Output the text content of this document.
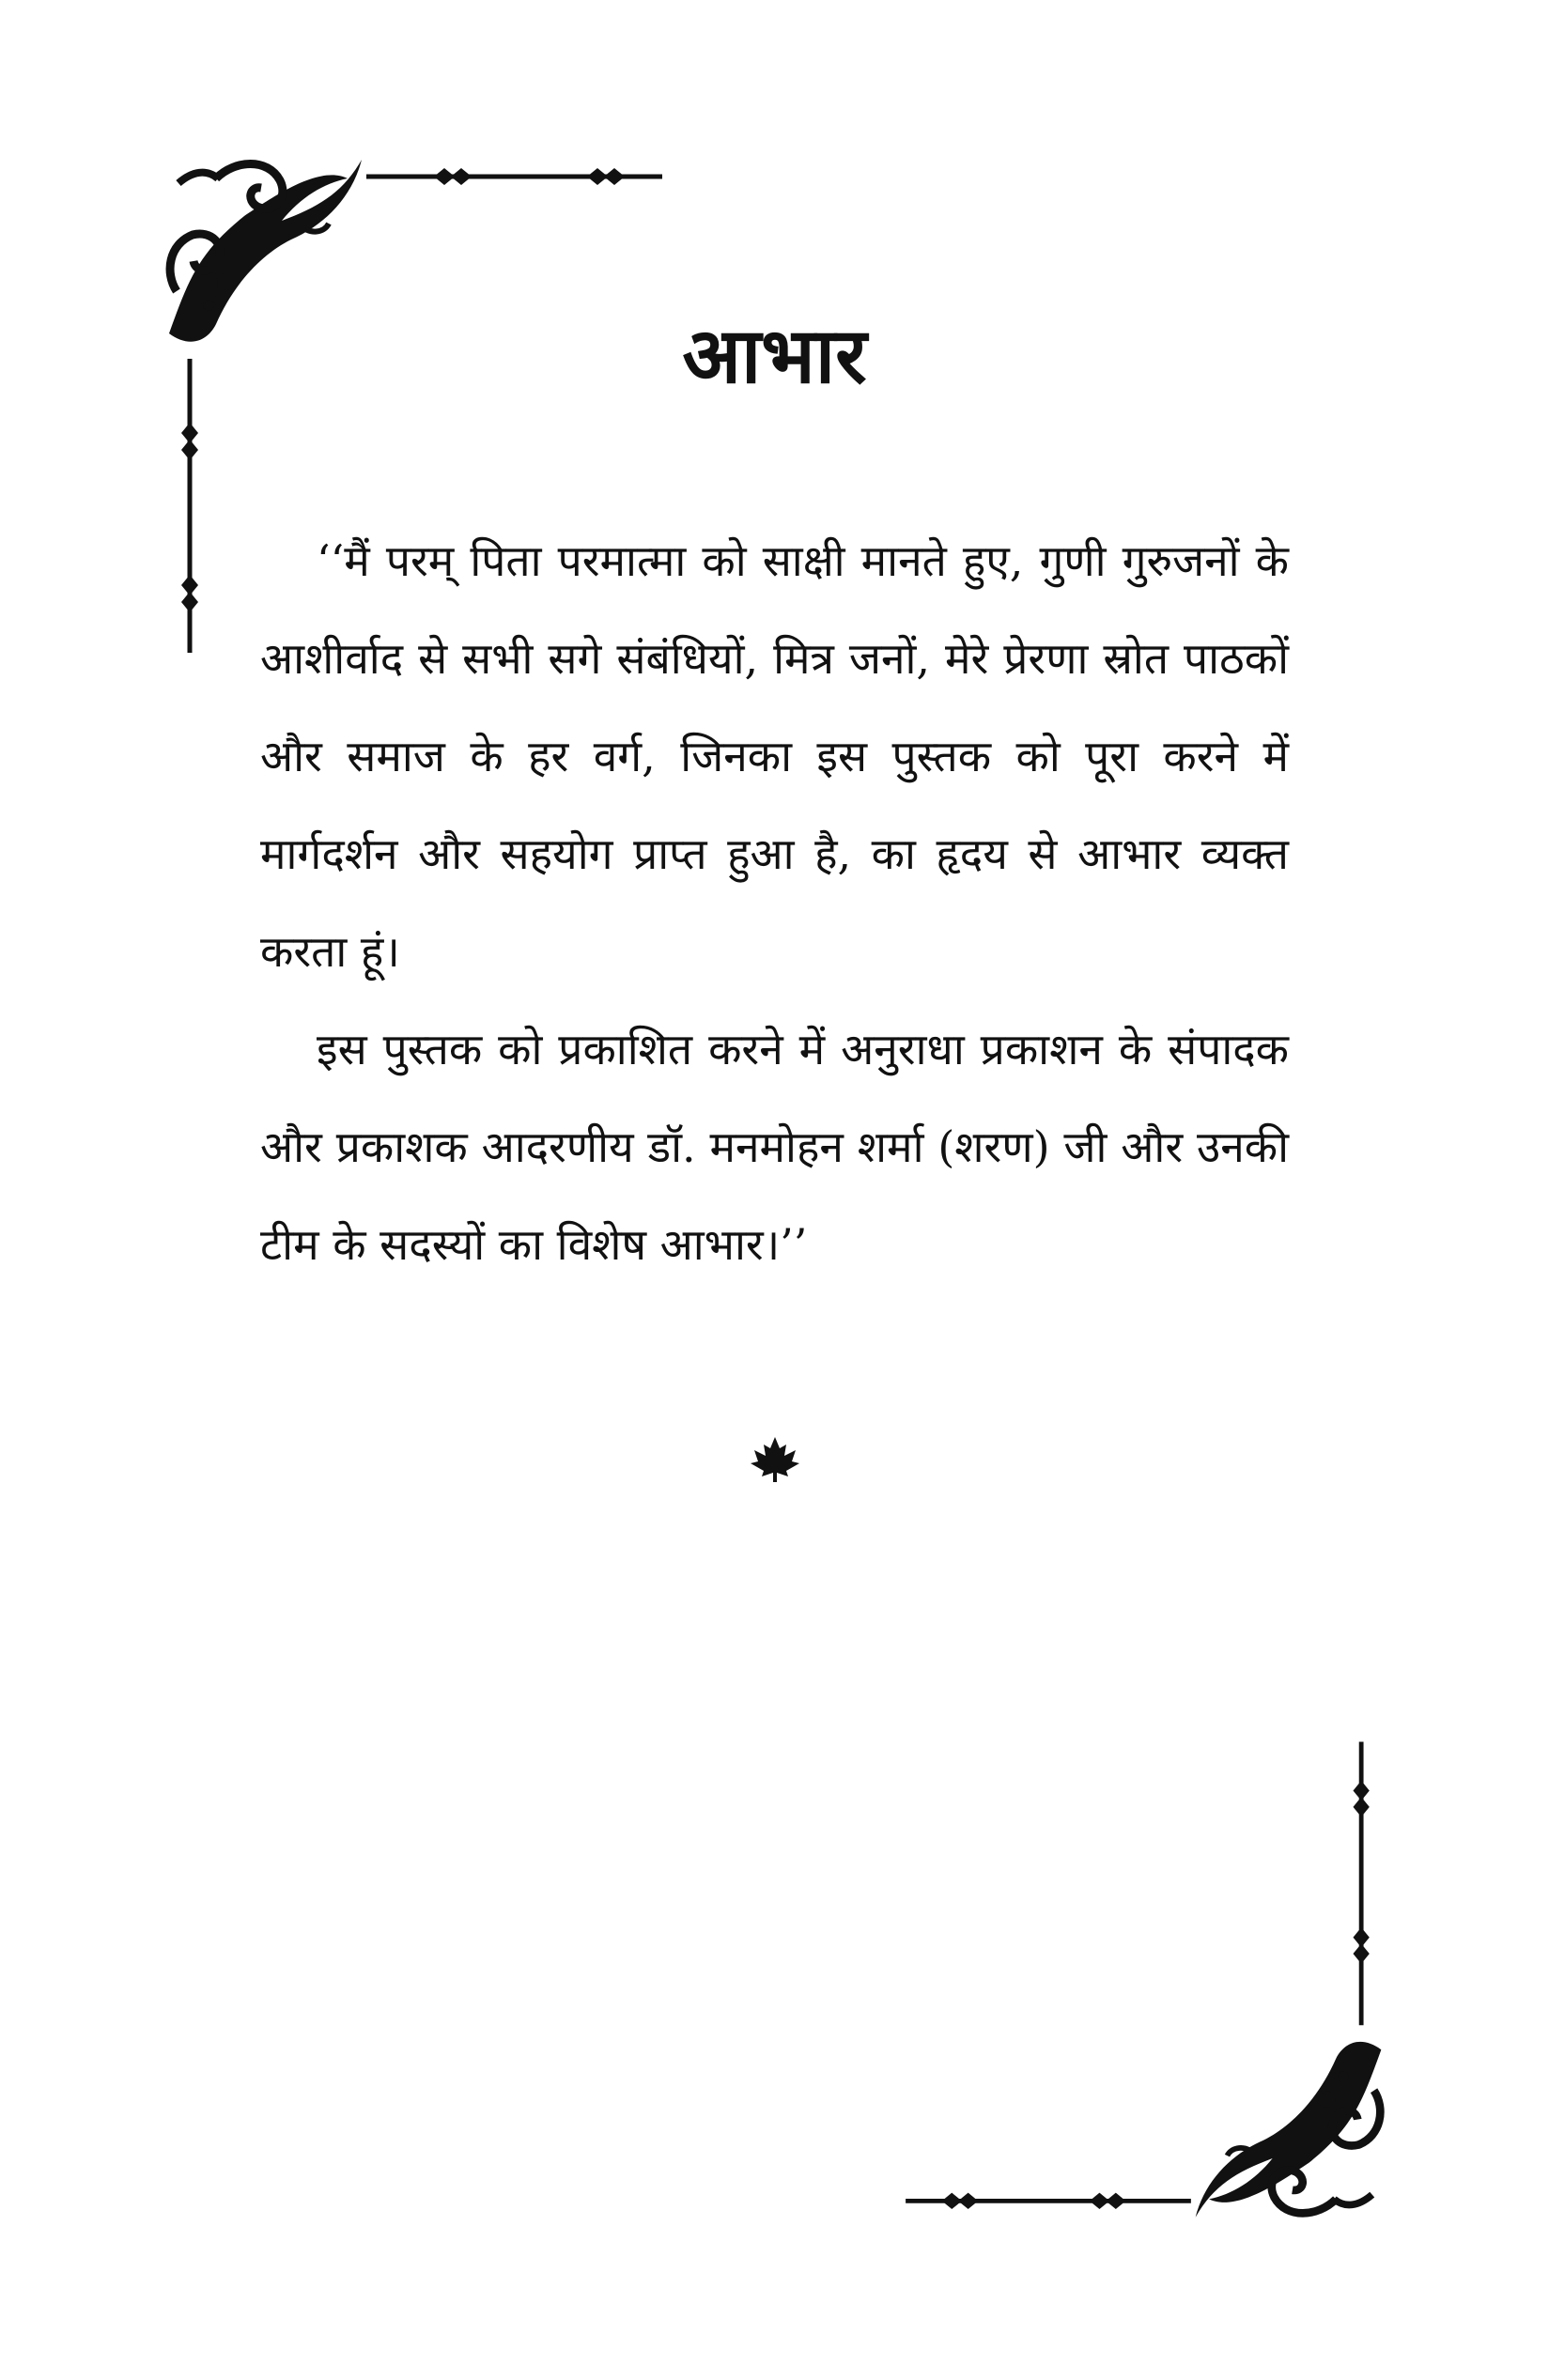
आभार

‘‘मैं परम् पिता परमात्मा को साक्षी मानते हुए, गुणी गुरुजनों के आशीर्वाद से सभी सगे संबंधियों, मित्र जनों, मेरे प्रेरणा स्रोत पाठकों और समाज के हर वर्ग, जिनका इस पुस्तक को पूरा करने में मार्गदर्शन और सहयोग प्राप्त हुआ है, का हृदय से आभार व्यक्त करता हूं।

इस पुस्तक को प्रकाशित करने में अनुराधा प्रकाशन के संपादक और प्रकाशक आदरणीय डॉ. मनमोहन शर्मा (शरण) जी और उनकी टीम के सदस्यों का विशेष आभार।’’
